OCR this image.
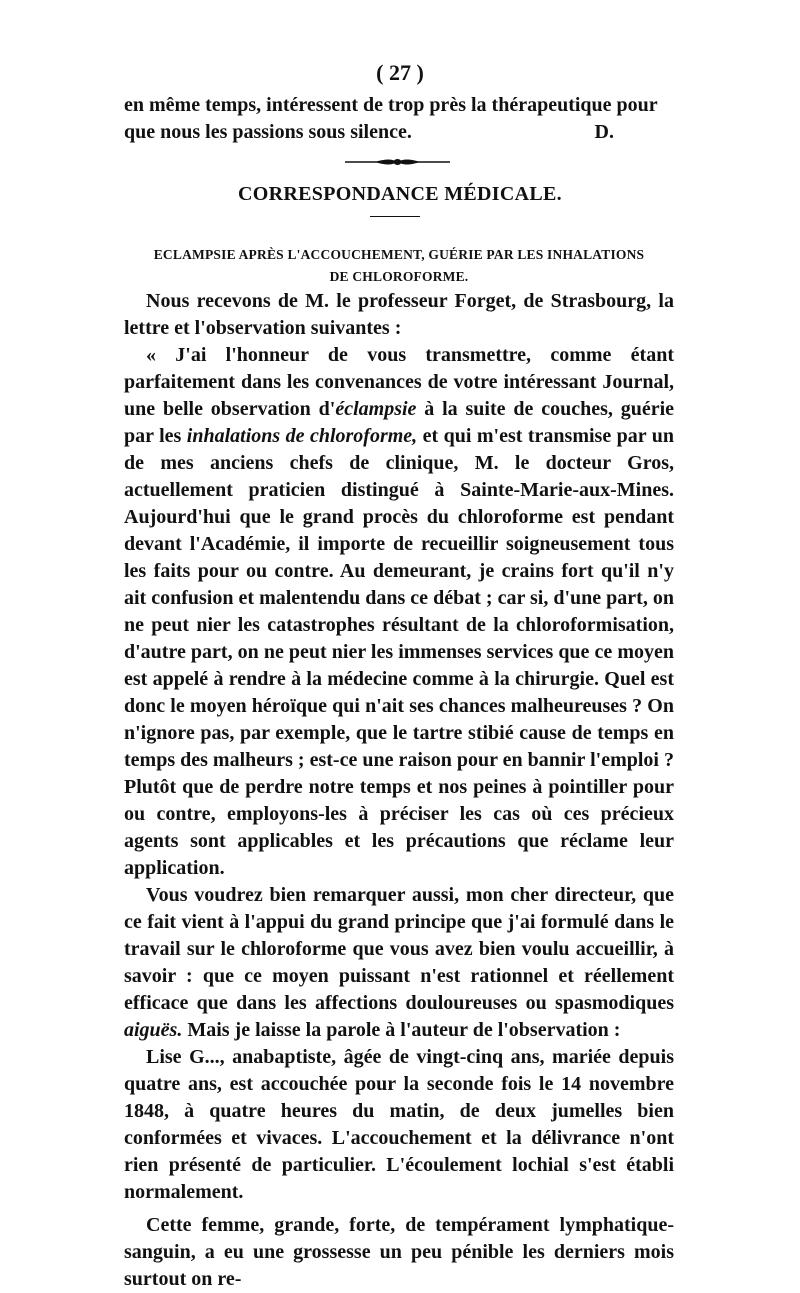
( 27 )

en même temps, intéressent de trop près la thérapeutique pour que nous les passions sous silence.	D.

CORRESPONDANCE MÉDICALE.
ECLAMPSIE APRÈS L'ACCOUCHEMENT, GUÉRIE PAR LES INHALATIONS
DE CHLOROFORME.

Nous recevons de M. le professeur Forget, de Strasbourg, la lettre et l'observation suivantes :

« J'ai l'honneur de vous transmettre, comme étant parfaitement dans les convenances de votre intéressant Journal, une belle observation d'éclampsie à la suite de couches, guérie par les inhalations de chloroforme, et qui m'est transmise par un de mes anciens chefs de clinique, M. le docteur Gros, actuellement praticien distingué à Sainte-Marie-aux-Mines. Aujourd'hui que le grand procès du chloroforme est pendant devant l'Académie, il importe de recueillir soigneusement tous les faits pour ou contre. Au demeurant, je crains fort qu'il n'y ait confusion et malentendu dans ce débat ; car si, d'une part, on ne peut nier les catastrophes résultant de la chloroformisation, d'autre part, on ne peut nier les immenses services que ce moyen est appelé à rendre à la médecine comme à la chirurgie. Quel est donc le moyen héroïque qui n'ait ses chances malheureuses ? On n'ignore pas, par exemple, que le tartre stibié cause de temps en temps des malheurs ; est-ce une raison pour en bannir l'emploi ? Plutôt que de perdre notre temps et nos peines à pointiller pour ou contre, employons-les à préciser les cas où ces précieux agents sont applicables et les précautions que réclame leur application.

Vous voudrez bien remarquer aussi, mon cher directeur, que ce fait vient à l'appui du grand principe que j'ai formulé dans le travail sur le chloroforme que vous avez bien voulu accueillir, à savoir : que ce moyen puissant n'est rationnel et réellement efficace que dans les affections douloureuses ou spasmodiques aiguës. Mais je laisse la parole à l'auteur de l'observation :

Lise G..., anabaptiste, âgée de vingt-cinq ans, mariée depuis quatre ans, est accouchée pour la seconde fois le 14 novembre 1848, à quatre heures du matin, de deux jumelles bien conformées et vivaces. L'accouchement et la délivrance n'ont rien présenté de particulier. L'écoulement lochial s'est établi normalement.

Cette femme, grande, forte, de tempérament lymphatique-sanguin, a eu une grossesse un peu pénible les derniers mois surtout on re-
